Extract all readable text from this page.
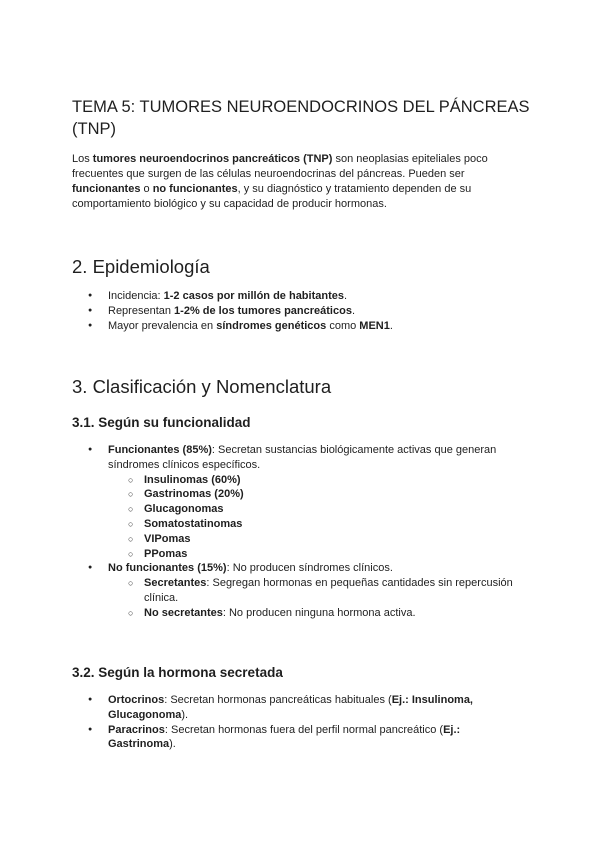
TEMA 5: TUMORES NEUROENDOCRINOS DEL PÁNCREAS (TNP)

Los tumores neuroendocrinos pancreáticos (TNP) son neoplasias epiteliales poco frecuentes que surgen de las células neuroendocrinas del páncreas. Pueden ser funcionantes o no funcionantes, y su diagnóstico y tratamiento dependen de su comportamiento biológico y su capacidad de producir hormonas.

2. Epidemiología
● Incidencia: 1-2 casos por millón de habitantes.
● Representan 1-2% de los tumores pancreáticos.
● Mayor prevalencia en síndromes genéticos como MEN1.
3. Clasificación y Nomenclatura
3.1. Según su funcionalidad
● Funcionantes (85%): Secretan sustancias biológicamente activas que generan síndromes clínicos específicos.
○ Insulinomas (60%)
○ Gastrinomas (20%)
○ Glucagonomas
○ Somatostatinomas
○ VIPomas
○ PPomas
● No funcionantes (15%): No producen síndromes clínicos.
○ Secretantes: Segregan hormonas en pequeñas cantidades sin repercusión clínica.
○ No secretantes: No producen ninguna hormona activa.
3.2. Según la hormona secretada
● Ortocrinos: Secretan hormonas pancreáticas habituales (Ej.: Insulinoma, Glucagonoma).
● Paracrinos: Secretan hormonas fuera del perfil normal pancreático (Ej.: Gastrinoma).
